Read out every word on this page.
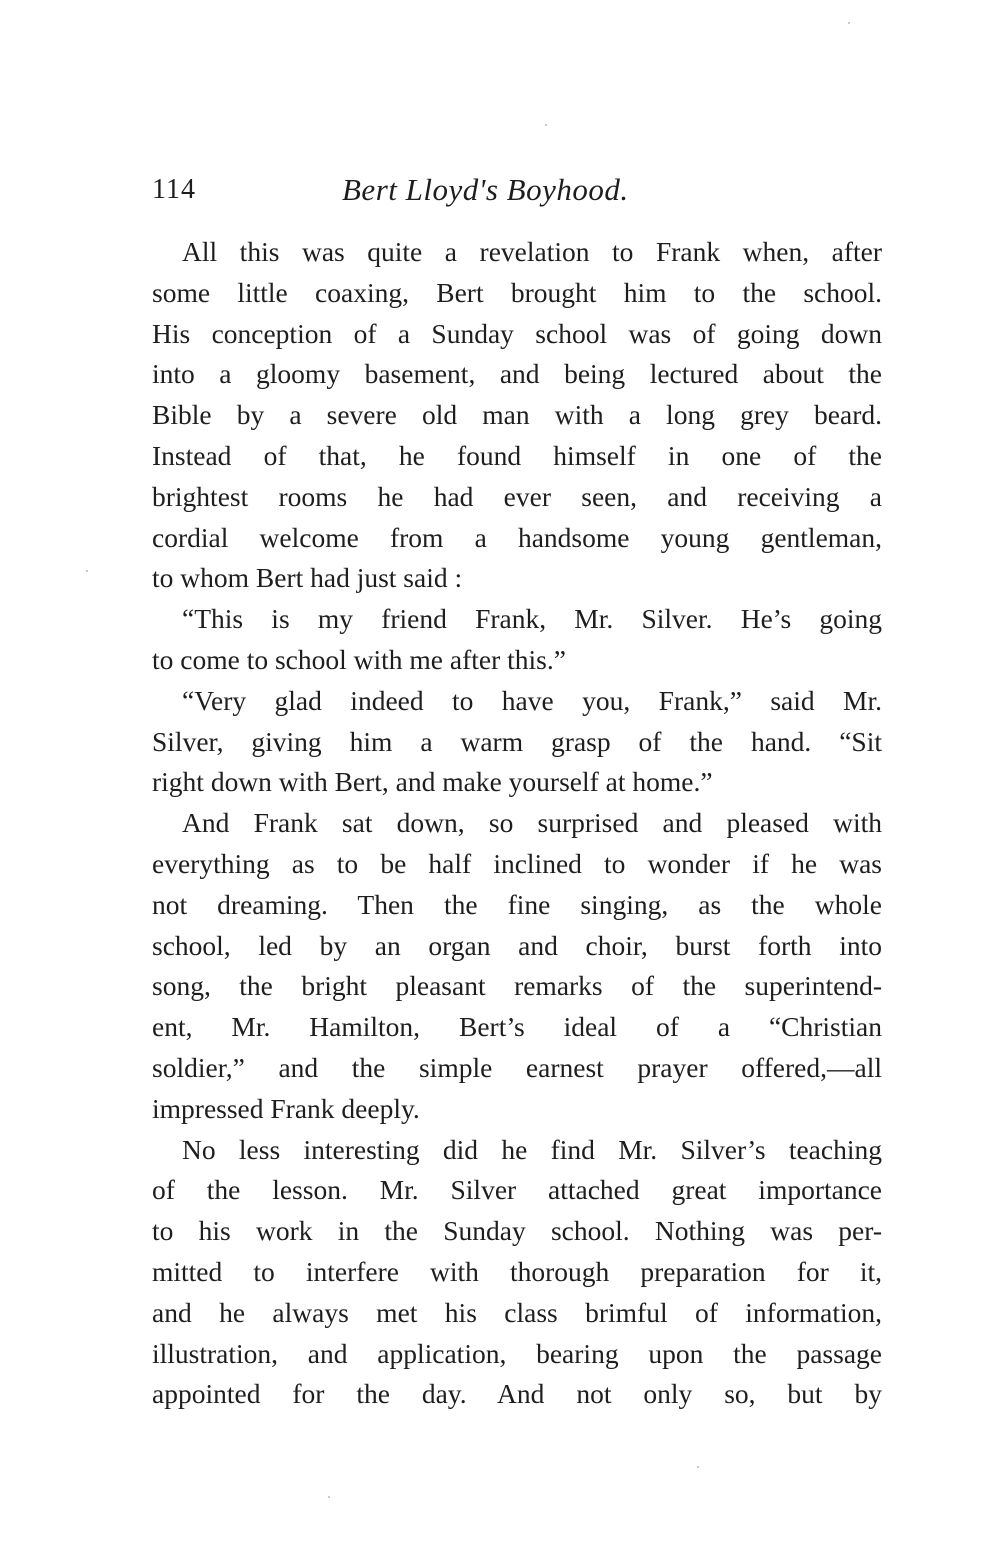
114	Bert Lloyd's Boyhood.
All this was quite a revelation to Frank when, after
some little coaxing, Bert brought him to the school.
His conception of a Sunday school was of going down
into a gloomy basement, and being lectured about the
Bible by a severe old man with a long grey beard.
Instead of that, he found himself in one of the
brightest rooms he had ever seen, and receiving a
cordial welcome from a handsome young gentleman,
to whom Bert had just said :
“This is my friend Frank, Mr. Silver. He’s going
to come to school with me after this.”
“Very glad indeed to have you, Frank,” said Mr.
Silver, giving him a warm grasp of the hand. “Sit
right down with Bert, and make yourself at home.”
And Frank sat down, so surprised and pleased with
everything as to be half inclined to wonder if he was
not dreaming. Then the fine singing, as the whole
school, led by an organ and choir, burst forth into
song, the bright pleasant remarks of the superintend-
ent, Mr. Hamilton, Bert’s ideal of a “Christian
soldier,” and the simple earnest prayer offered,—all
impressed Frank deeply.
No less interesting did he find Mr. Silver’s teaching
of the lesson. Mr. Silver attached great importance
to his work in the Sunday school. Nothing was per-
mitted to interfere with thorough preparation for it,
and he always met his class brimful of information,
illustration, and application, bearing upon the passage
appointed for the day. And not only so, but by
